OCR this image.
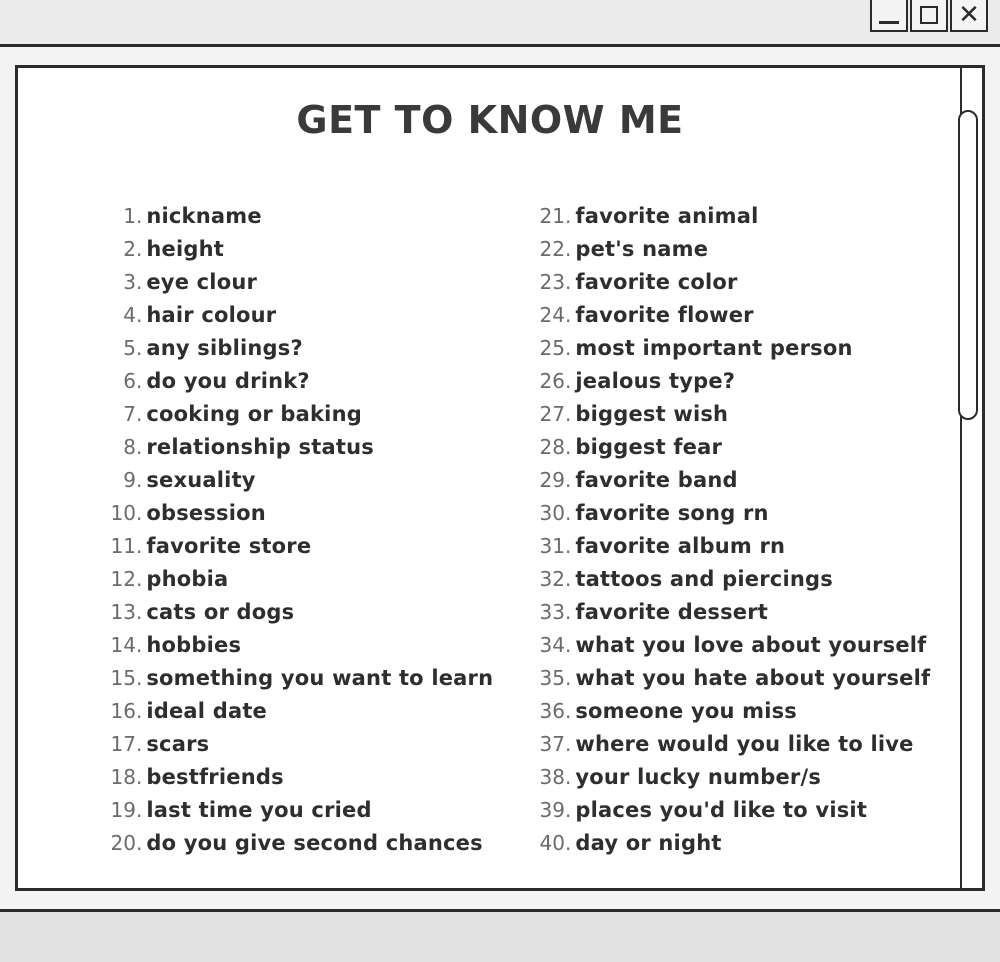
✕
GET TO KNOW ME
1 . nickname
2 . height
3 . eye clour
4 . hair colour
5 . any siblings?
6 . do you drink?
7 . cooking or baking
8 . relationship status
9 . sexuality
10 . obsession
11 . favorite store
12 . phobia
13 . cats or dogs
14 . hobbies
15 . something you want to learn
16 . ideal date
17 . scars
18 . bestfriends
19 . last time you cried
20 . do you give second chances
21 . favorite animal
22 . pet's name
23 . favorite color
24 . favorite flower
25 . most important person
26 . jealous type?
27 . biggest wish
28 . biggest fear
29 . favorite band
30 . favorite song rn
31 . favorite album rn
32 . tattoos and piercings
33 . favorite dessert
34 . what you love about yourself
35 . what you hate about yourself
36 . someone you miss
37 . where would you like to live
38 . your lucky number/s
39 . places you'd like to visit
40 . day or night
